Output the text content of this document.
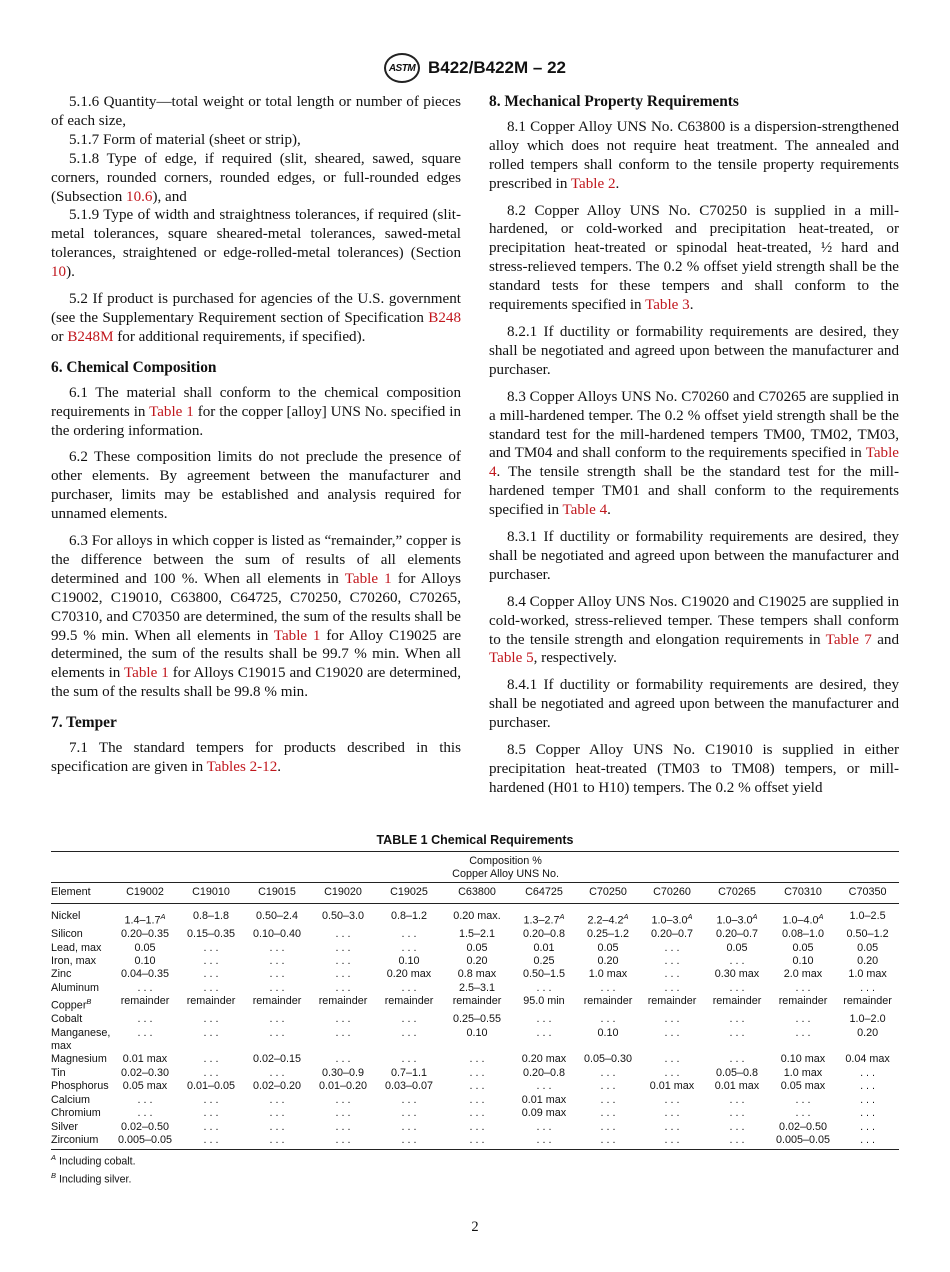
ASTM B422/B422M – 22

5.1.6 Quantity—total weight or total length or number of pieces of each size,

5.1.7 Form of material (sheet or strip),

5.1.8 Type of edge, if required (slit, sheared, sawed, square corners, rounded corners, rounded edges, or full-rounded edges (Subsection 10.6), and

5.1.9 Type of width and straightness tolerances, if required (slit-metal tolerances, square sheared-metal tolerances, sawed-metal tolerances, straightened or edge-rolled-metal tolerances) (Section 10).

5.2 If product is purchased for agencies of the U.S. government (see the Supplementary Requirement section of Specification B248 or B248M for additional requirements, if specified).

6. Chemical Composition

6.1 The material shall conform to the chemical composition requirements in Table 1 for the copper [alloy] UNS No. specified in the ordering information.

6.2 These composition limits do not preclude the presence of other elements. By agreement between the manufacturer and purchaser, limits may be established and analysis required for unnamed elements.

6.3 For alloys in which copper is listed as “remainder,” copper is the difference between the sum of results of all elements determined and 100 %. When all elements in Table 1 for Alloys C19002, C19010, C63800, C64725, C70250, C70260, C70265, C70310, and C70350 are determined, the sum of the results shall be 99.5 % min. When all elements in Table 1 for Alloy C19025 are determined, the sum of the results shall be 99.7 % min. When all elements in Table 1 for Alloys C19015 and C19020 are determined, the sum of the results shall be 99.8 % min.

7. Temper

7.1 The standard tempers for products described in this specification are given in Tables 2-12.

8. Mechanical Property Requirements

8.1 Copper Alloy UNS No. C63800 is a dispersion-strengthened alloy which does not require heat treatment. The annealed and rolled tempers shall conform to the tensile property requirements prescribed in Table 2.

8.2 Copper Alloy UNS No. C70250 is supplied in a mill-hardened, or cold-worked and precipitation heat-treated, or precipitation heat-treated or spinodal heat-treated, ½ hard and stress-relieved tempers. The 0.2 % offset yield strength shall be the standard tests for these tempers and shall conform to the requirements specified in Table 3.

8.2.1 If ductility or formability requirements are desired, they shall be negotiated and agreed upon between the manufacturer and purchaser.

8.3 Copper Alloys UNS No. C70260 and C70265 are supplied in a mill-hardened temper. The 0.2 % offset yield strength shall be the standard test for the mill-hardened tempers TM00, TM02, TM03, and TM04 and shall conform to the requirements specified in Table 4. The tensile strength shall be the standard test for the mill-hardened temper TM01 and shall conform to the requirements specified in Table 4.

8.3.1 If ductility or formability requirements are desired, they shall be negotiated and agreed upon between the manufacturer and purchaser.

8.4 Copper Alloy UNS Nos. C19020 and C19025 are supplied in cold-worked, stress-relieved temper. These tempers shall conform to the tensile strength and elongation requirements in Table 7 and Table 5, respectively.

8.4.1 If ductility or formability requirements are desired, they shall be negotiated and agreed upon between the manufacturer and purchaser.

8.5 Copper Alloy UNS No. C19010 is supplied in either precipitation heat-treated (TM03 to TM08) tempers, or mill-hardened (H01 to H10) tempers. The 0.2 % offset yield

TABLE 1 Chemical Requirements

	Composition %
Copper Alloy UNS No.											

Element	C19002	C19010	C19015	C19020	C19025	C63800	C64725	C70250	C70260	C70265	C70310	C70350
Nickel	$1.4-1.7^A$	0.8–1.8	0.50–2.4	0.50–3.0	0.8–1.2	0.20 max.	$1.3-2.7^A$	$2.2-4.2^A$	$1.0-3.0^A$	$1.0-3.0^A$	$1.0-4.0^A$	1.0–2.5
Silicon	0.20–0.35	0.15–0.35	0.10–0.40	. . .	. . .	1.5–2.1	0.20–0.8	0.25–1.2	0.20–0.7	0.20–0.7	0.08–1.0	0.50–1.2
Lead, max	0.05	. . .	. . .	. . .	. . .	0.05	0.01	0.05	. . .	0.05	0.05	0.05
Iron, max	0.10	. . .	. . .	. . .	0.10	0.20	0.25	0.20	. . .	. . .	0.10	0.20
Zinc	0.04–0.35	. . .	. . .	. . .	0.20 max	0.8 max	0.50–1.5	1.0 max	. . .	0.30 max	2.0 max	1.0 max
Aluminum	. . .	. . .	. . .	. . .	. . .	2.5–3.1	. . .	. . .	. . .	. . .	. . .	. . .
Copper$^B$	remainder	remainder	remainder	remainder	remainder	remainder	95.0 min	remainder	remainder	remainder	remainder	remainder
Cobalt	. . .	. . .	. . .	. . .	. . .	0.25–0.55	. . .	. . .	. . .	. . .	. . .	1.0–2.0
Manganese, max	. . .	. . .	. . .	. . .	. . .	0.10	. . .	0.10	. . .	. . .	. . .	0.20
Magnesium	0.01 max	. . .	0.02–0.15	. . .	. . .	. . .	0.20 max	0.05–0.30	. . .	. . .	0.10 max	0.04 max
Tin	0.02–0.30	. . .	. . .	0.30–0.9	0.7–1.1	. . .	0.20–0.8	. . .	. . .	0.05–0.8	1.0 max	. . .
Phosphorus	0.05 max	0.01–0.05	0.02–0.20	0.01–0.20	0.03–0.07	. . .	. . .	. . .	0.01 max	0.01 max	0.05 max	. . .
Calcium	. . .	. . .	. . .	. . .	. . .	. . .	0.01 max	. . .	. . .	. . .	. . .	. . .
Chromium	. . .	. . .	. . .	. . .	. . .	. . .	0.09 max	. . .	. . .	. . .	. . .	. . .
Silver	0.02–0.50	. . .	. . .	. . .	. . .	. . .	. . .	. . .	. . .	. . .	0.02–0.50	. . .
Zirconium	0.005–0.05	. . .	. . .	. . .	. . .	. . .	. . .	. . .	. . .	. . .	0.005–0.05	. . .
$^A$ Including cobalt.
$^B$ Including silver.
2
